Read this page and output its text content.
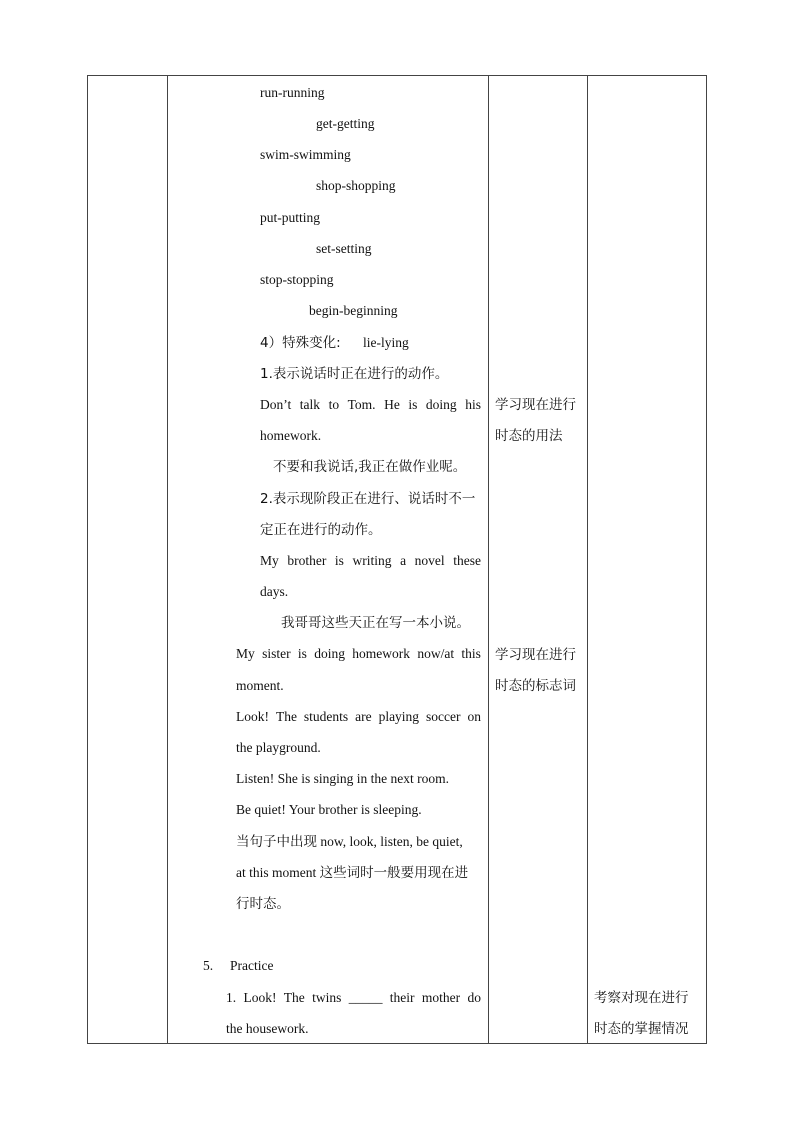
run-running
get-getting
swim-swimming
shop-shopping
put-putting
set-setting
stop-stopping
begin-beginning
4）特殊变化: lie-lying
1.表示说话时正在进行的动作。
Don’t talk to Tom. He is doing his
homework.
不要和我说话,我正在做作业呢。
2.表示现阶段正在进行、说话时不一
定正在进行的动作。
My brother is writing a novel these
days.
我哥哥这些天正在写一本小说。
My sister is doing homework now/at this
moment.
Look! The students are playing soccer on
the playground.
Listen! She is singing in the next room.
Be quiet! Your brother is sleeping.
当句子中出现 now, look, listen, be quiet,
at this moment 这些词时一般要用现在进
行时态。
5. Practice
1. Look! The twins _____ their mother do
the housework.
学习现在进行
时态的用法
学习现在进行
时态的标志词
考察对现在进行
时态的掌握情况
